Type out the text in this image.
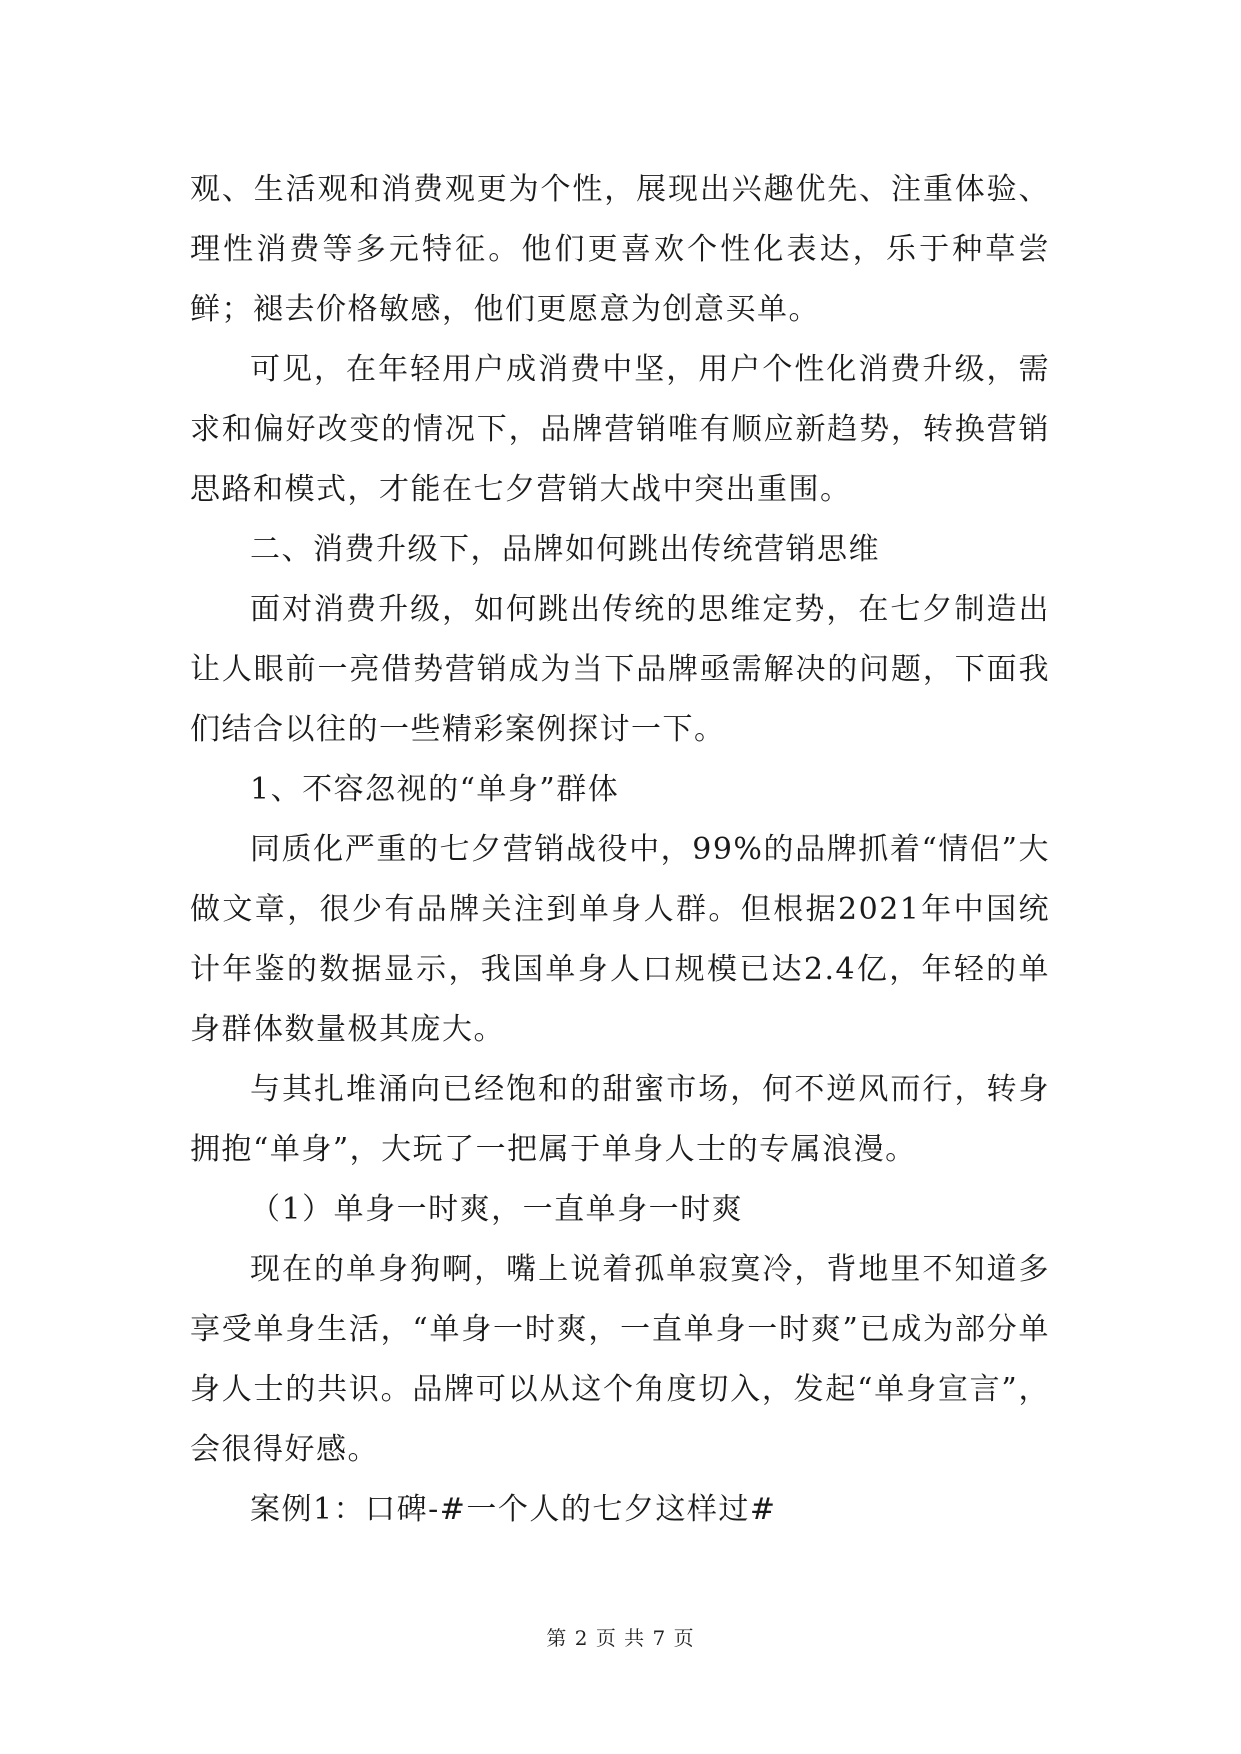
观、生活观和消费观更为个性，展现出兴趣优先、注重体验、理性消费等多元特征。他们更喜欢个性化表达，乐于种草尝鲜；褪去价格敏感，他们更愿意为创意买单。

可见，在年轻用户成消费中坚，用户个性化消费升级，需求和偏好改变的情况下，品牌营销唯有顺应新趋势，转换营销思路和模式，才能在七夕营销大战中突出重围。

二、消费升级下，品牌如何跳出传统营销思维

面对消费升级，如何跳出传统的思维定势，在七夕制造出让人眼前一亮借势营销成为当下品牌亟需解决的问题，下面我们结合以往的一些精彩案例探讨一下。

1、不容忽视的“单身”群体

同质化严重的七夕营销战役中，99%的品牌抓着“情侣”大做文章，很少有品牌关注到单身人群。但根据2021年中国统计年鉴的数据显示，我国单身人口规模已达2.4亿，年轻的单身群体数量极其庞大。

与其扎堆涌向已经饱和的甜蜜市场，何不逆风而行，转身拥抱“单身”，大玩了一把属于单身人士的专属浪漫。

（1）单身一时爽，一直单身一时爽

现在的单身狗啊，嘴上说着孤单寂寞冷，背地里不知道多享受单身生活，“单身一时爽，一直单身一时爽”已成为部分单身人士的共识。品牌可以从这个角度切入，发起“单身宣言”，会很得好感。

案例1：口碑-#一个人的七夕这样过#

第 2 页 共 7 页
